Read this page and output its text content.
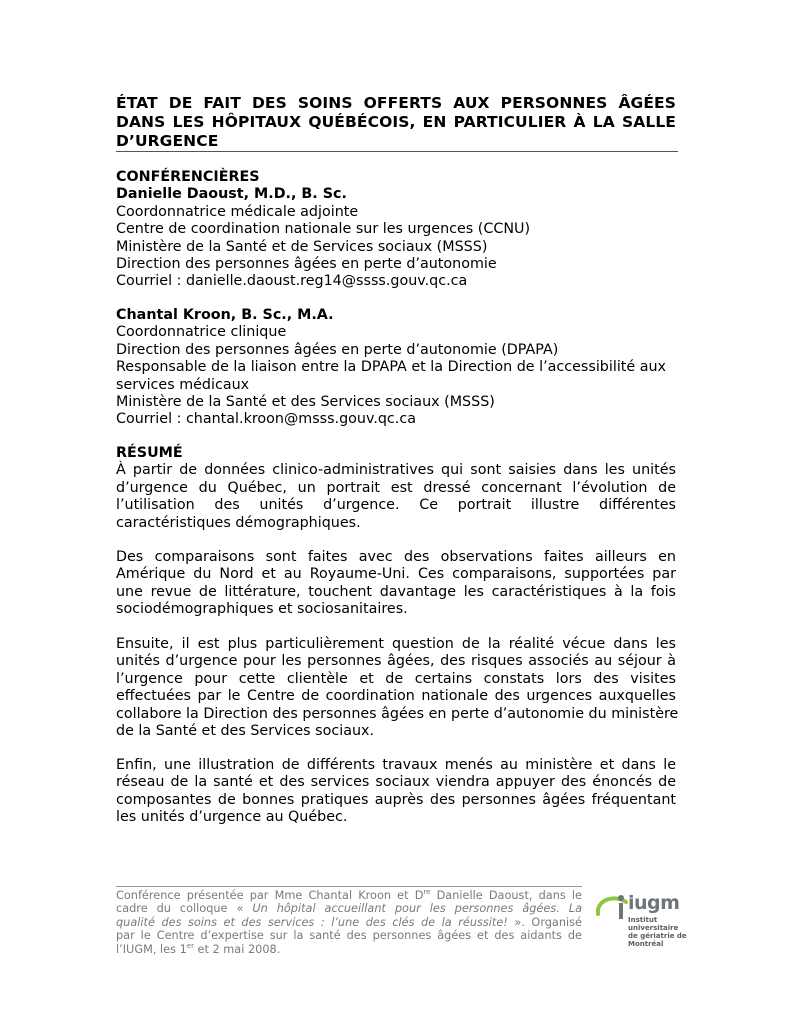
ÉTAT DE FAIT DES SOINS OFFERTS AUX PERSONNES ÂGÉES
DANS LES HÔPITAUX QUÉBÉCOIS, EN PARTICULIER À LA SALLE
D’URGENCE
CONFÉRENCIÈRES
Danielle Daoust, M.D., B. Sc.
Coordonnatrice médicale adjointe
Centre de coordination nationale sur les urgences (CCNU)
Ministère de la Santé et de Services sociaux (MSSS)
Direction des personnes âgées en perte d’autonomie
Courriel : danielle.daoust.reg14@ssss.gouv.qc.ca
Chantal Kroon, B. Sc., M.A.
Coordonnatrice clinique
Direction des personnes âgées en perte d’autonomie (DPAPA)
Responsable de la liaison entre la DPAPA et la Direction de l’accessibilité aux
services médicaux
Ministère de la Santé et des Services sociaux (MSSS)
Courriel : chantal.kroon@msss.gouv.qc.ca
RÉSUMÉ
À partir de données clinico-administratives qui sont saisies dans les unités
d’urgence du Québec, un portrait est dressé concernant l’évolution de
l’utilisation des unités d’urgence. Ce portrait illustre différentes
caractéristiques démographiques.
Des comparaisons sont faites avec des observations faites ailleurs en
Amérique du Nord et au Royaume-Uni. Ces comparaisons, supportées par
une revue de littérature, touchent davantage les caractéristiques à la fois
sociodémographiques et sociosanitaires.
Ensuite, il est plus particulièrement question de la réalité vécue dans les
unités d’urgence pour les personnes âgées, des risques associés au séjour à
l’urgence pour cette clientèle et de certains constats lors des visites
effectuées par le Centre de coordination nationale des urgences auxquelles
collabore la Direction des personnes âgées en perte d’autonomie du ministère
de la Santé et des Services sociaux.
Enfin, une illustration de différents travaux menés au ministère et dans le
réseau de la santé et des services sociaux viendra appuyer des énoncés de
composantes de bonnes pratiques auprès des personnes âgées fréquentant
les unités d’urgence au Québec.
Conférence présentée par Mme Chantal Kroon et Dre Danielle Daoust, dans le
cadre du colloque « Un hôpital accueillant pour les personnes âgées. La
qualité des soins et des services : l’une des clés de la réussite! ». Organisé
par le Centre d’expertise sur la santé des personnes âgées et des aidants de
l’IUGM, les 1er et 2 mai 2008.
iugm
Institut universitaire
de gériatrie de Montréal
